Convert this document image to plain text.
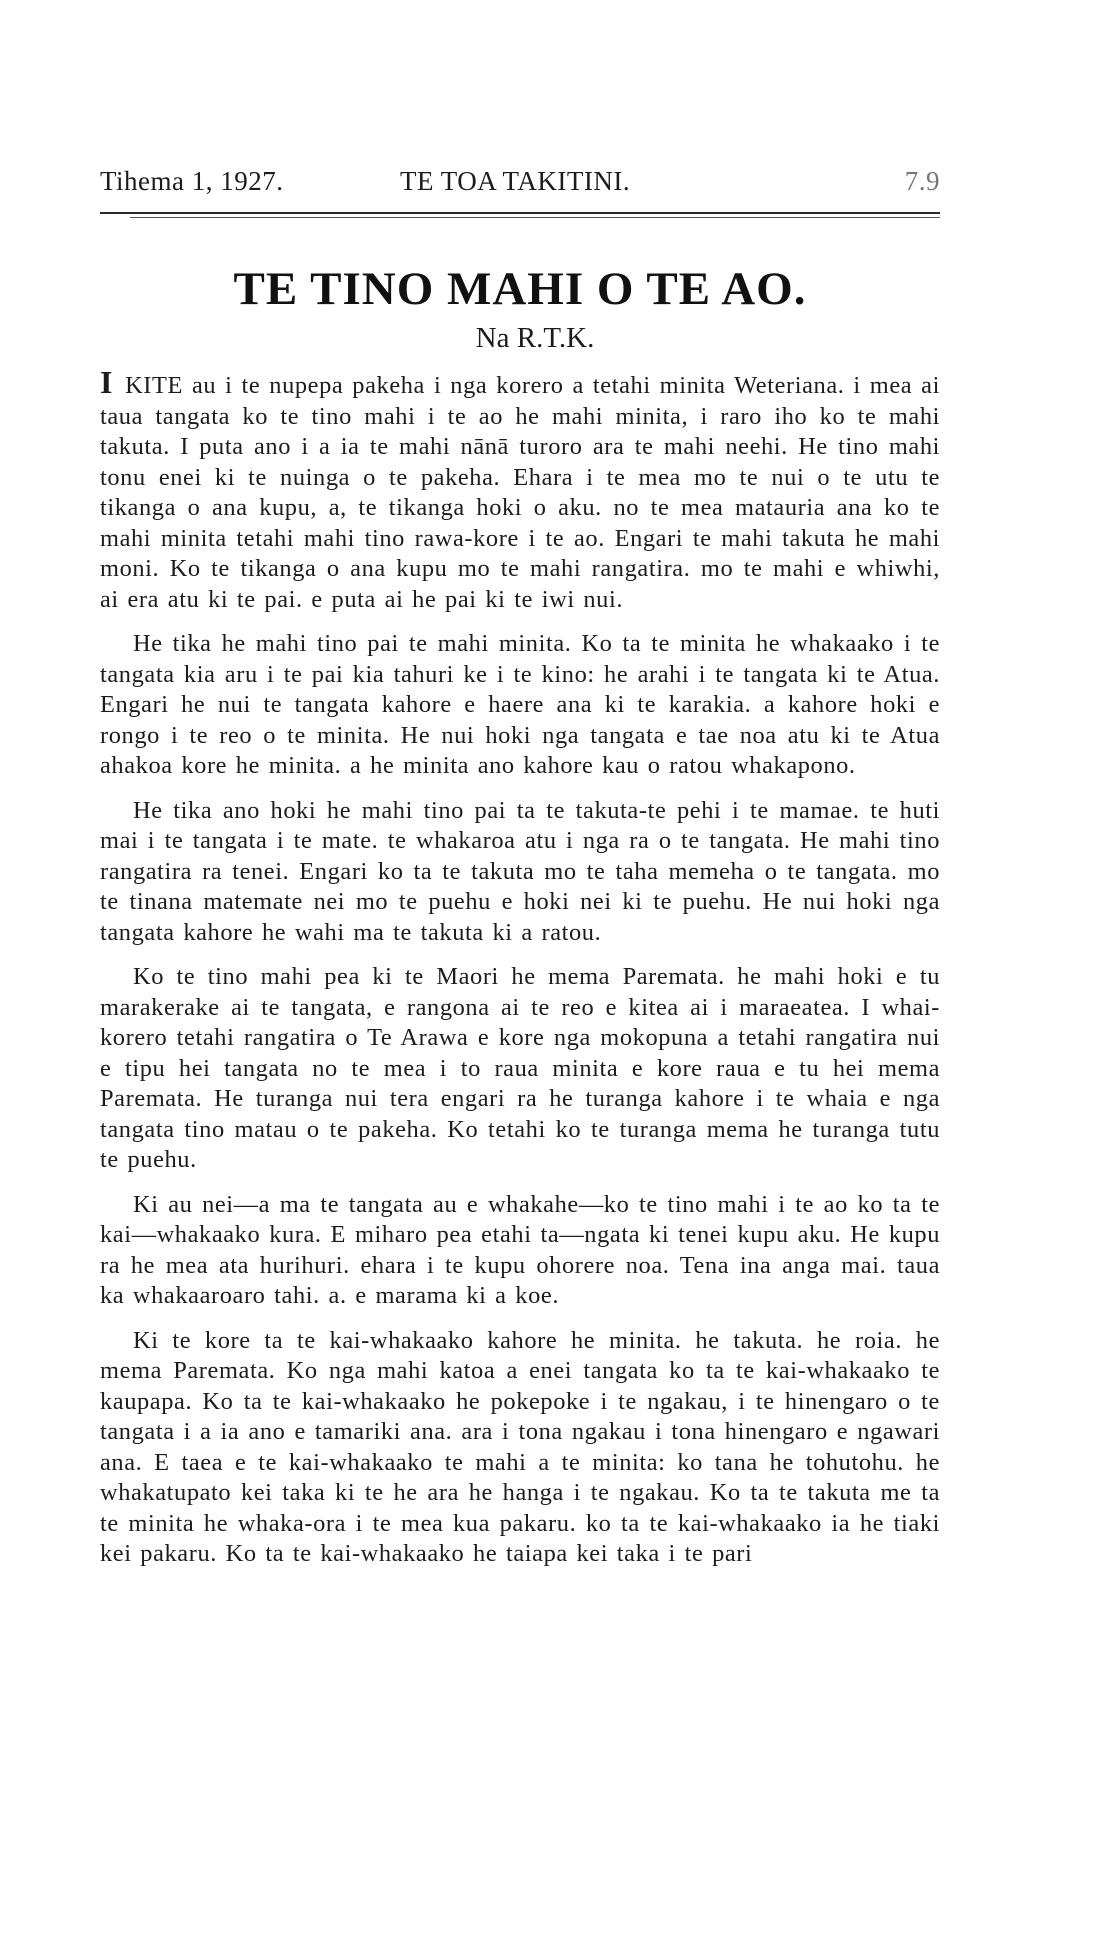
Tihema 1, 1927.	TE TOA TAKITINI.	7.9
TE TINO MAHI O TE AO.
Na R.T.K.

I KITE au i te nupepa pakeha i nga korero a tetahi minita Weteriana. i mea ai taua tangata ko te tino mahi i te ao he mahi minita, i raro iho ko te mahi takuta. I puta ano i a ia te mahi nānā turoro ara te mahi neehi. He tino mahi tonu enei ki te nuinga o te pakeha. Ehara i te mea mo te nui o te utu te tikanga o ana kupu, a, te tikanga hoki o aku. no te mea matauria ana ko te mahi minita tetahi mahi tino rawa-kore i te ao. Engari te mahi takuta he mahi moni. Ko te tikanga o ana kupu mo te mahi rangatira. mo te mahi e whiwhi, ai era atu ki te pai. e puta ai he pai ki te iwi nui.

He tika he mahi tino pai te mahi minita. Ko ta te minita he whakaako i te tangata kia aru i te pai kia tahuri ke i te kino: he arahi i te tangata ki te Atua. Engari he nui te tangata kahore e haere ana ki te karakia. a kahore hoki e rongo i te reo o te minita. He nui hoki nga tangata e tae noa atu ki te Atua ahakoa kore he minita. a he minita ano kahore kau o ratou whakapono.

He tika ano hoki he mahi tino pai ta te takuta-te pehi i te mamae. te huti mai i te tangata i te mate. te whakaroa atu i nga ra o te tangata. He mahi tino rangatira ra tenei. Engari ko ta te takuta mo te taha memeha o te tangata. mo te tinana matemate nei mo te puehu e hoki nei ki te puehu. He nui hoki nga tangata kahore he wahi ma te takuta ki a ratou.

Ko te tino mahi pea ki te Maori he mema Paremata. he mahi hoki e tu marakerake ai te tangata, e rangona ai te reo e kitea ai i maraeatea. I whai-korero tetahi rangatira o Te Arawa e kore nga mokopuna a tetahi rangatira nui e tipu hei tangata no te mea i to raua minita e kore raua e tu hei mema Paremata. He turanga nui tera engari ra he turanga kahore i te whaia e nga tangata tino matau o te pakeha. Ko tetahi ko te turanga mema he turanga tutu te puehu.

Ki au nei—a ma te tangata au e whakahe—ko te tino mahi i te ao ko ta te kai—whakaako kura. E miharo pea etahi ta—ngata ki tenei kupu aku. He kupu ra he mea ata hurihuri. ehara i te kupu ohorere noa. Tena ina anga mai. taua ka whakaaroaro tahi. a. e marama ki a koe.

Ki te kore ta te kai-whakaako kahore he minita. he takuta. he roia. he mema Paremata. Ko nga mahi katoa a enei tangata ko ta te kai-whakaako te kaupapa. Ko ta te kai-whakaako he pokepoke i te ngakau, i te hinengaro o te tangata i a ia ano e tamariki ana. ara i tona ngakau i tona hinengaro e ngawari ana. E taea e te kai-whakaako te mahi a te minita: ko tana he tohutohu. he whakatupato kei taka ki te he ara he hanga i te ngakau. Ko ta te takuta me ta te minita he whaka-ora i te mea kua pakaru. ko ta te kai-whakaako ia he tiaki kei pakaru. Ko ta te kai-whakaako he taiapa kei taka i te pari
